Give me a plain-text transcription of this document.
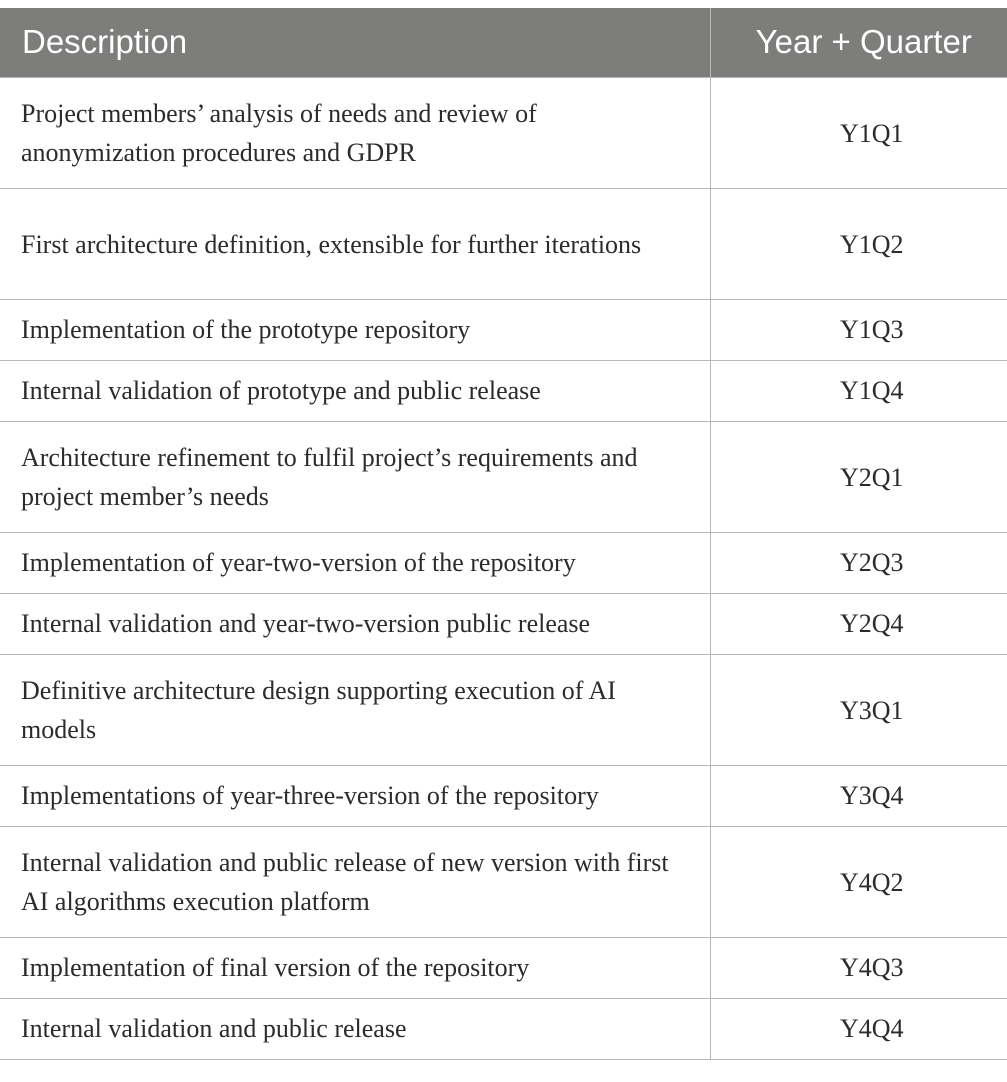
Description	Year + Quarter
Project members’ analysis of needs and review of anonymization procedures and GDPR	Y1Q1
First architecture definition, extensible for further iterations	Y1Q2
Implementation of the prototype repository	Y1Q3
Internal validation of prototype and public release	Y1Q4
Architecture refinement to fulfil project’s requirements and project member’s needs	Y2Q1
Implementation of year-two-version of the repository	Y2Q3
Internal validation and year-two-version public release	Y2Q4
Definitive architecture design supporting execution of AI models	Y3Q1
Implementations of year-three-version of the repository	Y3Q4
Internal validation and public release of new version with first AI algorithms execution platform	Y4Q2
Implementation of final version of the repository	Y4Q3
Internal validation and public release	Y4Q4
